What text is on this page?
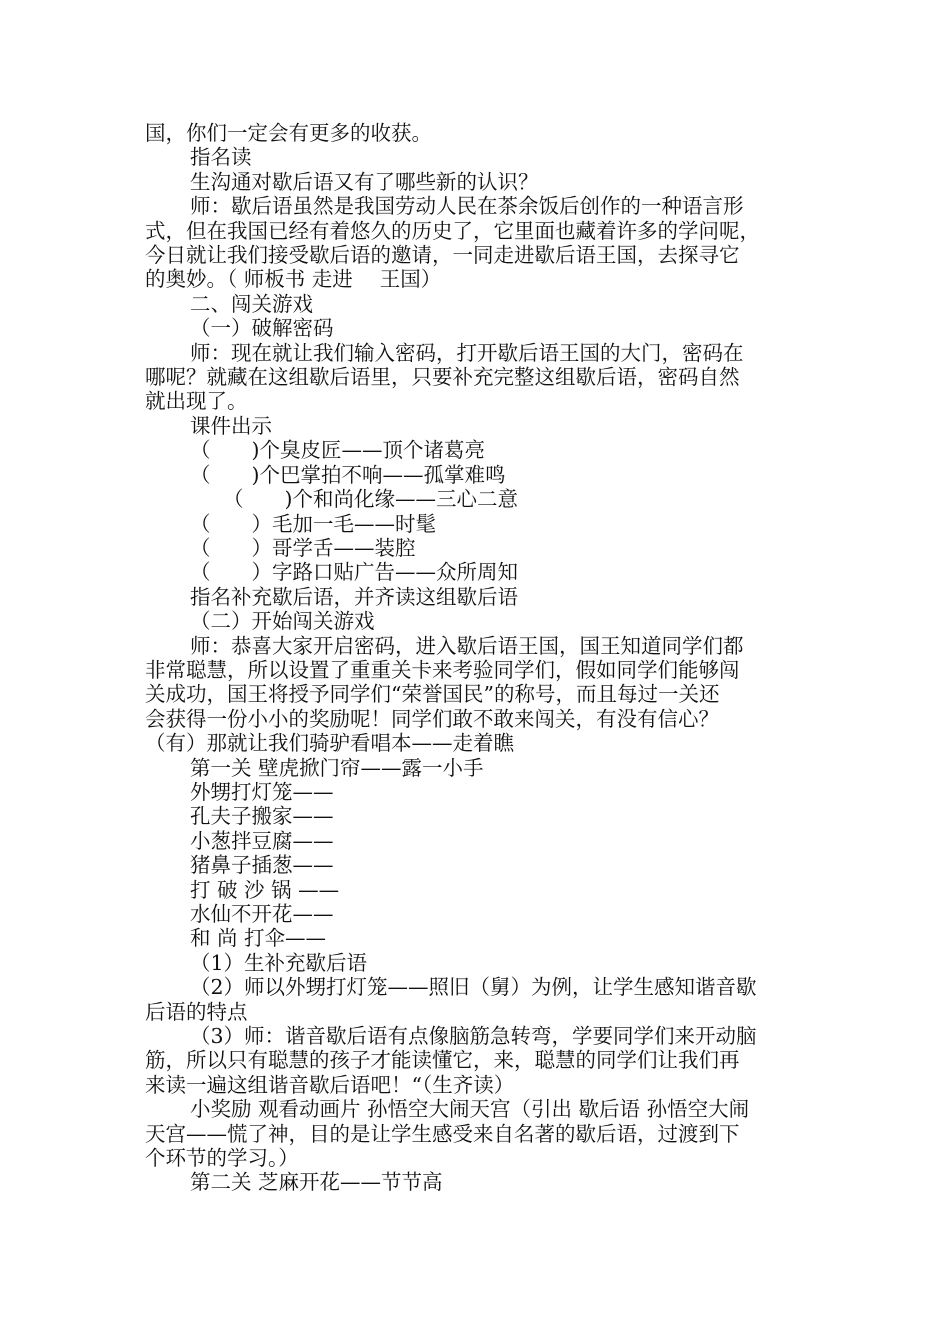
国，你们一定会有更多的收获。

指名读

生沟通对歇后语又有了哪些新的认识？

师：歇后语虽然是我国劳动人民在茶余饭后创作的一种语言形

式，但在我国已经有着悠久的历史了，它里面也藏着许多的学问呢，

今日就让我们接受歇后语的邀请，一同走进歇后语王国，去探寻它

的奥妙。（ 师板书 走进 　王国）

二、闯关游戏

（一）破解密码

师：现在就让我们输入密码，打开歇后语王国的大门，密码在

哪呢？就藏在这组歇后语里，只要补充完整这组歇后语，密码自然

就出现了。

课件出示

（　　)个臭皮匠——顶个诸葛亮

（　　)个巴掌拍不响——孤掌难鸣

（　　)个和尚化缘——三心二意

（　　）毛加一毛——时髦

（　　）哥学舌——装腔

（　　）字路口贴广告——众所周知

指名补充歇后语，并齐读这组歇后语

（二）开始闯关游戏

师：恭喜大家开启密码，进入歇后语王国，国王知道同学们都

非常聪慧，所以设置了重重关卡来考验同学们，假如同学们能够闯

关成功，国王将授予同学们“荣誉国民”的称号，而且每过一关还

会获得一份小小的奖励呢！同学们敢不敢来闯关，有没有信心？

（有）那就让我们骑驴看唱本——走着瞧

第一关 壁虎掀门帘——露一小手

外甥打灯笼——

孔夫子搬家——

小葱拌豆腐——

猪鼻子插葱——

打 破 沙 锅 ——

水仙不开花——

和 尚 打伞——

（1）生补充歇后语

（2）师以外甥打灯笼——照旧（舅）为例，让学生感知谐音歇

后语的特点

（3）师：谐音歇后语有点像脑筋急转弯，学要同学们来开动脑

筋，所以只有聪慧的孩子才能读懂它，来，聪慧的同学们让我们再

来读一遍这组谐音歇后语吧！“（生齐读）

小奖励 观看动画片 孙悟空大闹天宫（引出 歇后语 孙悟空大闹

天宫——慌了神，目的是让学生感受来自名著的歇后语，过渡到下

个环节的学习。）

第二关 芝麻开花——节节高
